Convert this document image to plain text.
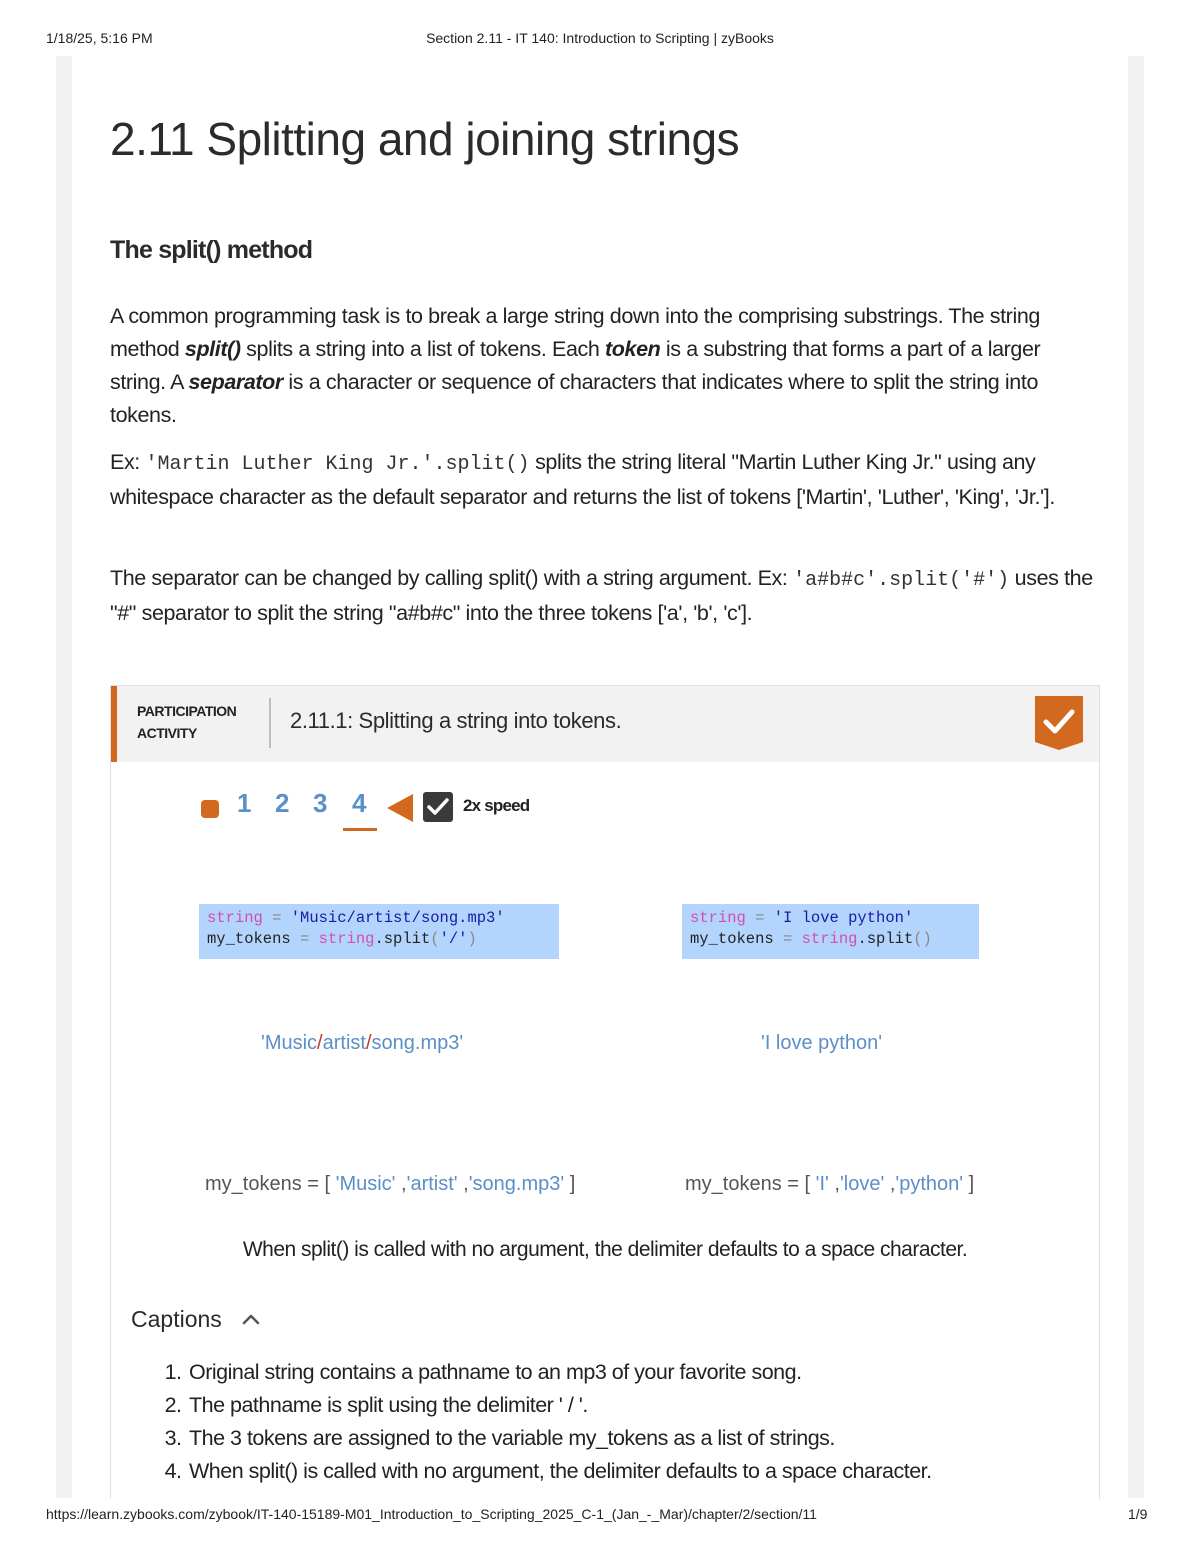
1/18/25, 5:16 PM	Section 2.11 - IT 140: Introduction to Scripting | zyBooks
2.11 Splitting and joining strings
The split() method
A common programming task is to break a large string down into the comprising substrings. The string method split() splits a string into a list of tokens. Each token is a substring that forms a part of a larger string. A separator is a character or sequence of characters that indicates where to split the string into tokens.
Ex: 'Martin Luther King Jr.'.split() splits the string literal "Martin Luther King Jr." using any whitespace character as the default separator and returns the list of tokens ['Martin', 'Luther', 'King', 'Jr.'].
The separator can be changed by calling split() with a string argument. Ex: 'a#b#c'.split('#') uses the "#" separator to split the string "a#b#c" into the three tokens ['a', 'b', 'c'].
PARTICIPATION
ACTIVITY	2.11.1: Splitting a string into tokens.
1 2 3 4	2x speed
string = 'Music/artist/song.mp3'
my_tokens = string.split('/')
string = 'I love python'
my_tokens = string.split()
'Music/artist/song.mp3'	'I love python'
my_tokens = [ 'Music' ,'artist' ,'song.mp3' ]	my_tokens = [ 'I' ,'love' ,'python' ]
When split() is called with no argument, the delimiter defaults to a space character.
Captions
1. Original string contains a pathname to an mp3 of your favorite song.
2. The pathname is split using the delimiter ' / '.
3. The 3 tokens are assigned to the variable my_tokens as a list of strings.
4. When split() is called with no argument, the delimiter defaults to a space character.
https://learn.zybooks.com/zybook/IT-140-15189-M01_Introduction_to_Scripting_2025_C-1_(Jan_-_Mar)/chapter/2/section/11	1/9
